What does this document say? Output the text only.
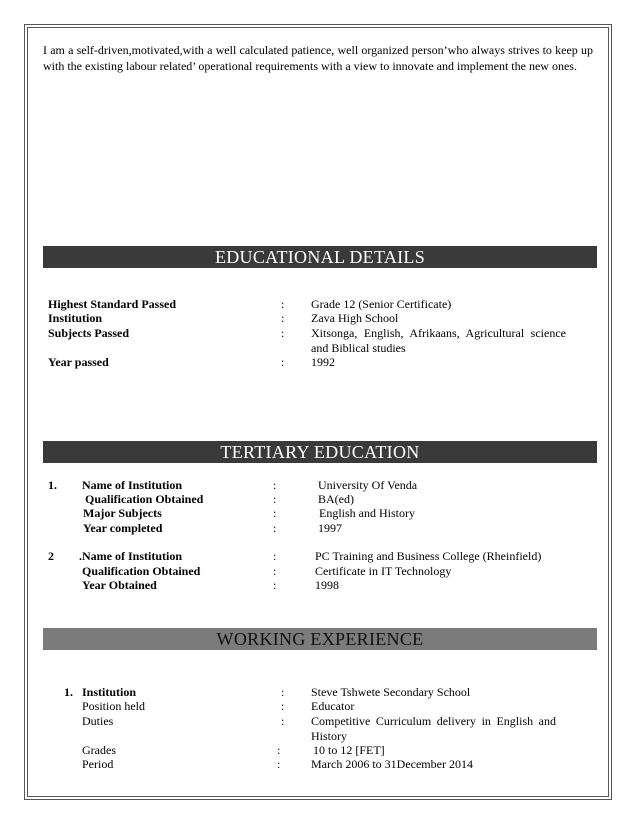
I am a self-driven,motivated,with a well calculated patience, well organized person’who always strives to keep up with the existing labour related’ operational requirements with a view to innovate and implement the new ones.
EDUCATIONAL DETAILS
Highest Standard Passed	: Grade 12 (Senior Certificate)
Institution	: Zava High School
Subjects Passed	: Xitsonga, English, Afrikaans, Agricultural science and Biblical studies
Year passed	: 1992
TERTIARY EDUCATION
1. Name of Institution	:	University Of Venda
Qualification Obtained	:	BA(ed)
Major Subjects	:	English and History
Year completed	:	1997
2 .Name of Institution	:	PC Training and Business College (Rheinfield)
Qualification Obtained	:	Certificate in IT Technology
Year Obtained	:	1998
WORKING EXPERIENCE
1. Institution	: Steve Tshwete Secondary School
Position held	: Educator
Duties	: Competitive Curriculum delivery in English and History
Grades	:	10 to 12 [FET]
Period	:	March 2006 to 31December 2014
